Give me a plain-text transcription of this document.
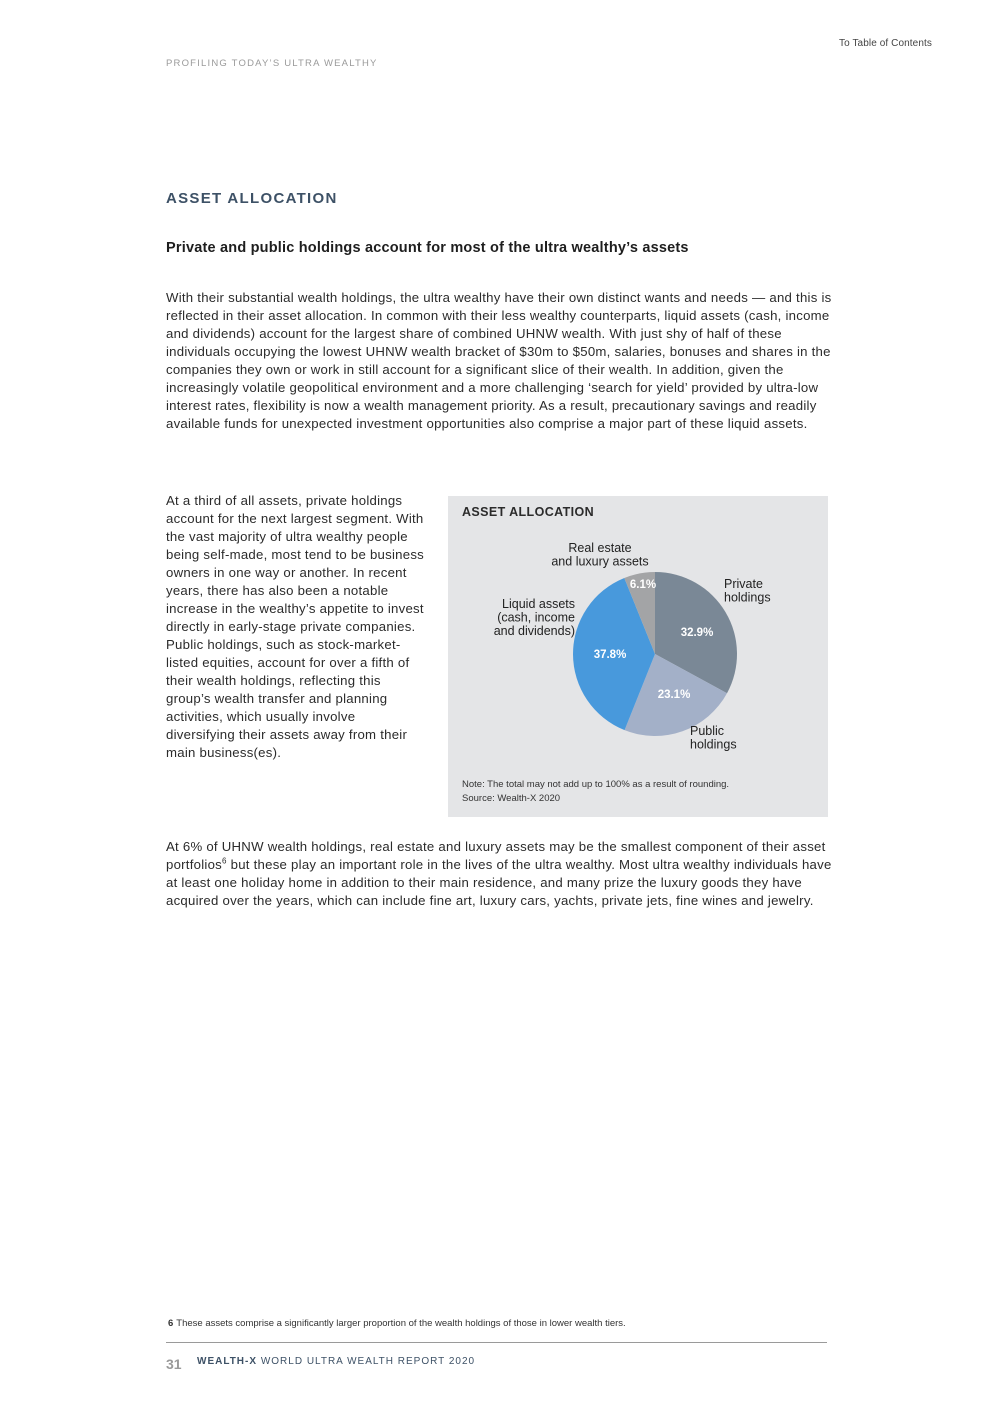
To Table of Contents
PROFILING TODAY’S ULTRA WEALTHY
ASSET ALLOCATION
Private and public holdings account for most of the ultra wealthy’s assets

With their substantial wealth holdings, the ultra wealthy have their own distinct wants and needs — and this is reflected in their asset allocation. In common with their less wealthy counterparts, liquid assets (cash, income and dividends) account for the largest share of combined UHNW wealth. With just shy of half of these individuals occupying the lowest UHNW wealth bracket of $30m to $50m, salaries, bonuses and shares in the companies they own or work in still account for a significant slice of their wealth. In addition, given the increasingly volatile geopolitical environment and a more challenging ‘search for yield’ provided by ultra-low interest rates, flexibility is now a wealth management priority. As a result, precautionary savings and readily available funds for unexpected investment opportunities also comprise a major part of these liquid assets.

At a third of all assets, private holdings account for the next largest segment. With the vast majority of ultra wealthy people being self-made, most tend to be business owners in one way or another. In recent years, there has also been a notable increase in the wealthy’s appetite to invest directly in early-stage private companies. Public holdings, such as stock-market-listed equities, account for over a fifth of their wealth holdings, reflecting this group’s wealth transfer and planning activities, which usually involve diversifying their assets away from their main business(es).

At 6% of UHNW wealth holdings, real estate and luxury assets may be the smallest component of their asset portfolios$^6$ but these play an important role in the lives of the ultra wealthy. Most ultra wealthy individuals have at least one holiday home in addition to their main residence, and many prize the luxury goods they have acquired over the years, which can include fine art, luxury cars, yachts, private jets, fine wines and jewelry.

ASSET ALLOCATION
32.9%
Private holdings
23.1%
Public holdings
37.8%
Liquid assets (cash, income and dividends)
6.1%
Real estate and luxury assets
Note: The total may not add up to 100% as a result of rounding.
Source: Wealth-X 2020
6 These assets comprise a significantly larger proportion of the wealth holdings of those in lower wealth tiers.
31 WEALTH-X WORLD ULTRA WEALTH REPORT 2020
